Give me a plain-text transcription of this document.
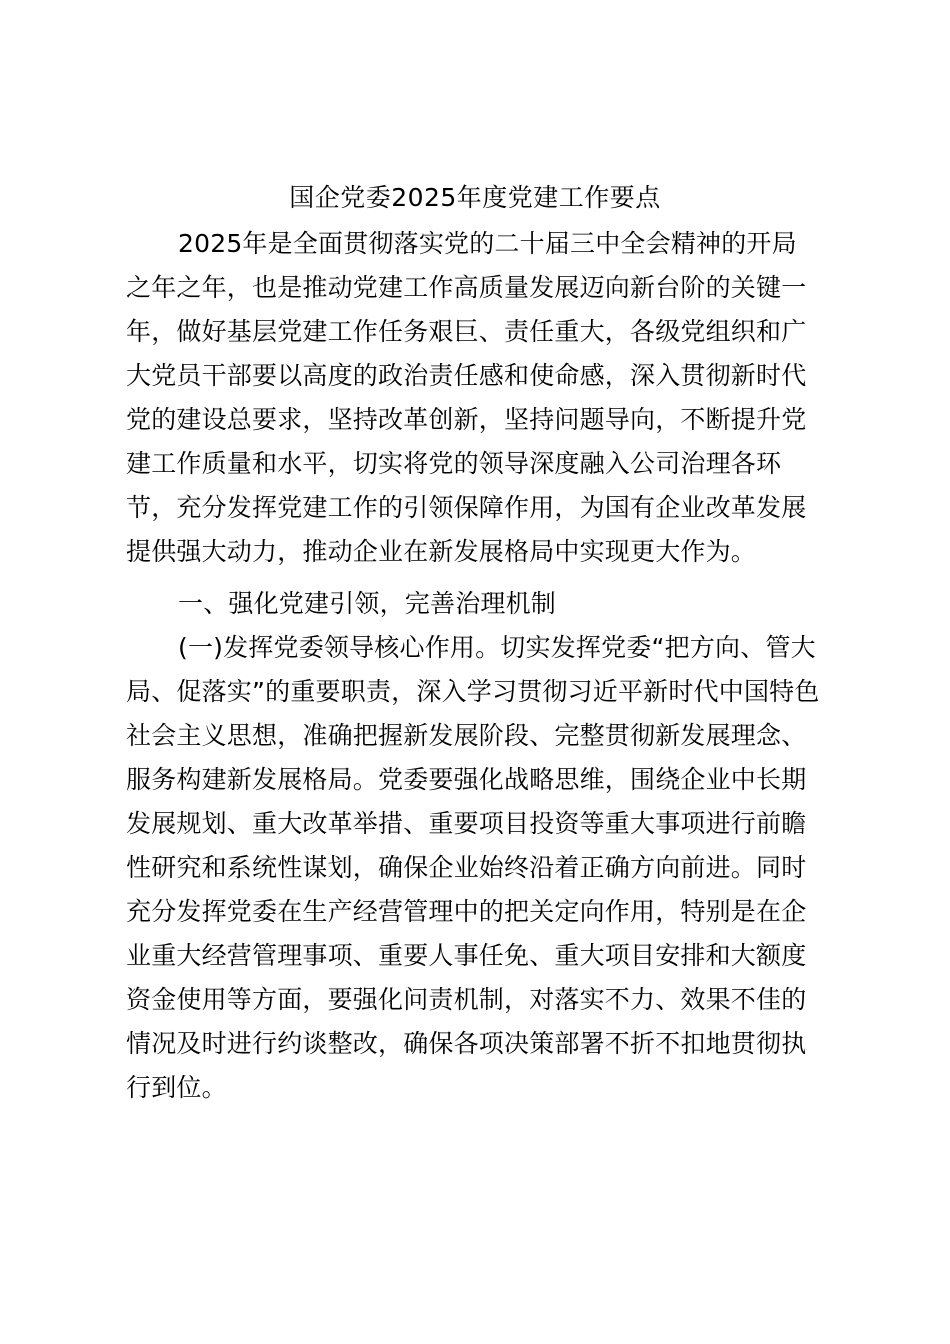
国企党委2025年度党建工作要点
2025年是全面贯彻落实党的二十届三中全会精神的开局
之年之年，也是推动党建工作高质量发展迈向新台阶的关键一
年，做好基层党建工作任务艰巨、责任重大，各级党组织和广
大党员干部要以高度的政治责任感和使命感，深入贯彻新时代
党的建设总要求，坚持改革创新，坚持问题导向，不断提升党
建工作质量和水平，切实将党的领导深度融入公司治理各环
节，充分发挥党建工作的引领保障作用，为国有企业改革发展
提供强大动力，推动企业在新发展格局中实现更大作为。
一、强化党建引领，完善治理机制
(一)发挥党委领导核心作用。切实发挥党委“把方向、管大
局、促落实”的重要职责，深入学习贯彻习近平新时代中国特色
社会主义思想，准确把握新发展阶段、完整贯彻新发展理念、
服务构建新发展格局。党委要强化战略思维，围绕企业中长期
发展规划、重大改革举措、重要项目投资等重大事项进行前瞻
性研究和系统性谋划，确保企业始终沿着正确方向前进。同时
充分发挥党委在生产经营管理中的把关定向作用，特别是在企
业重大经营管理事项、重要人事任免、重大项目安排和大额度
资金使用等方面，要强化问责机制，对落实不力、效果不佳的
情况及时进行约谈整改，确保各项决策部署不折不扣地贯彻执
行到位。
